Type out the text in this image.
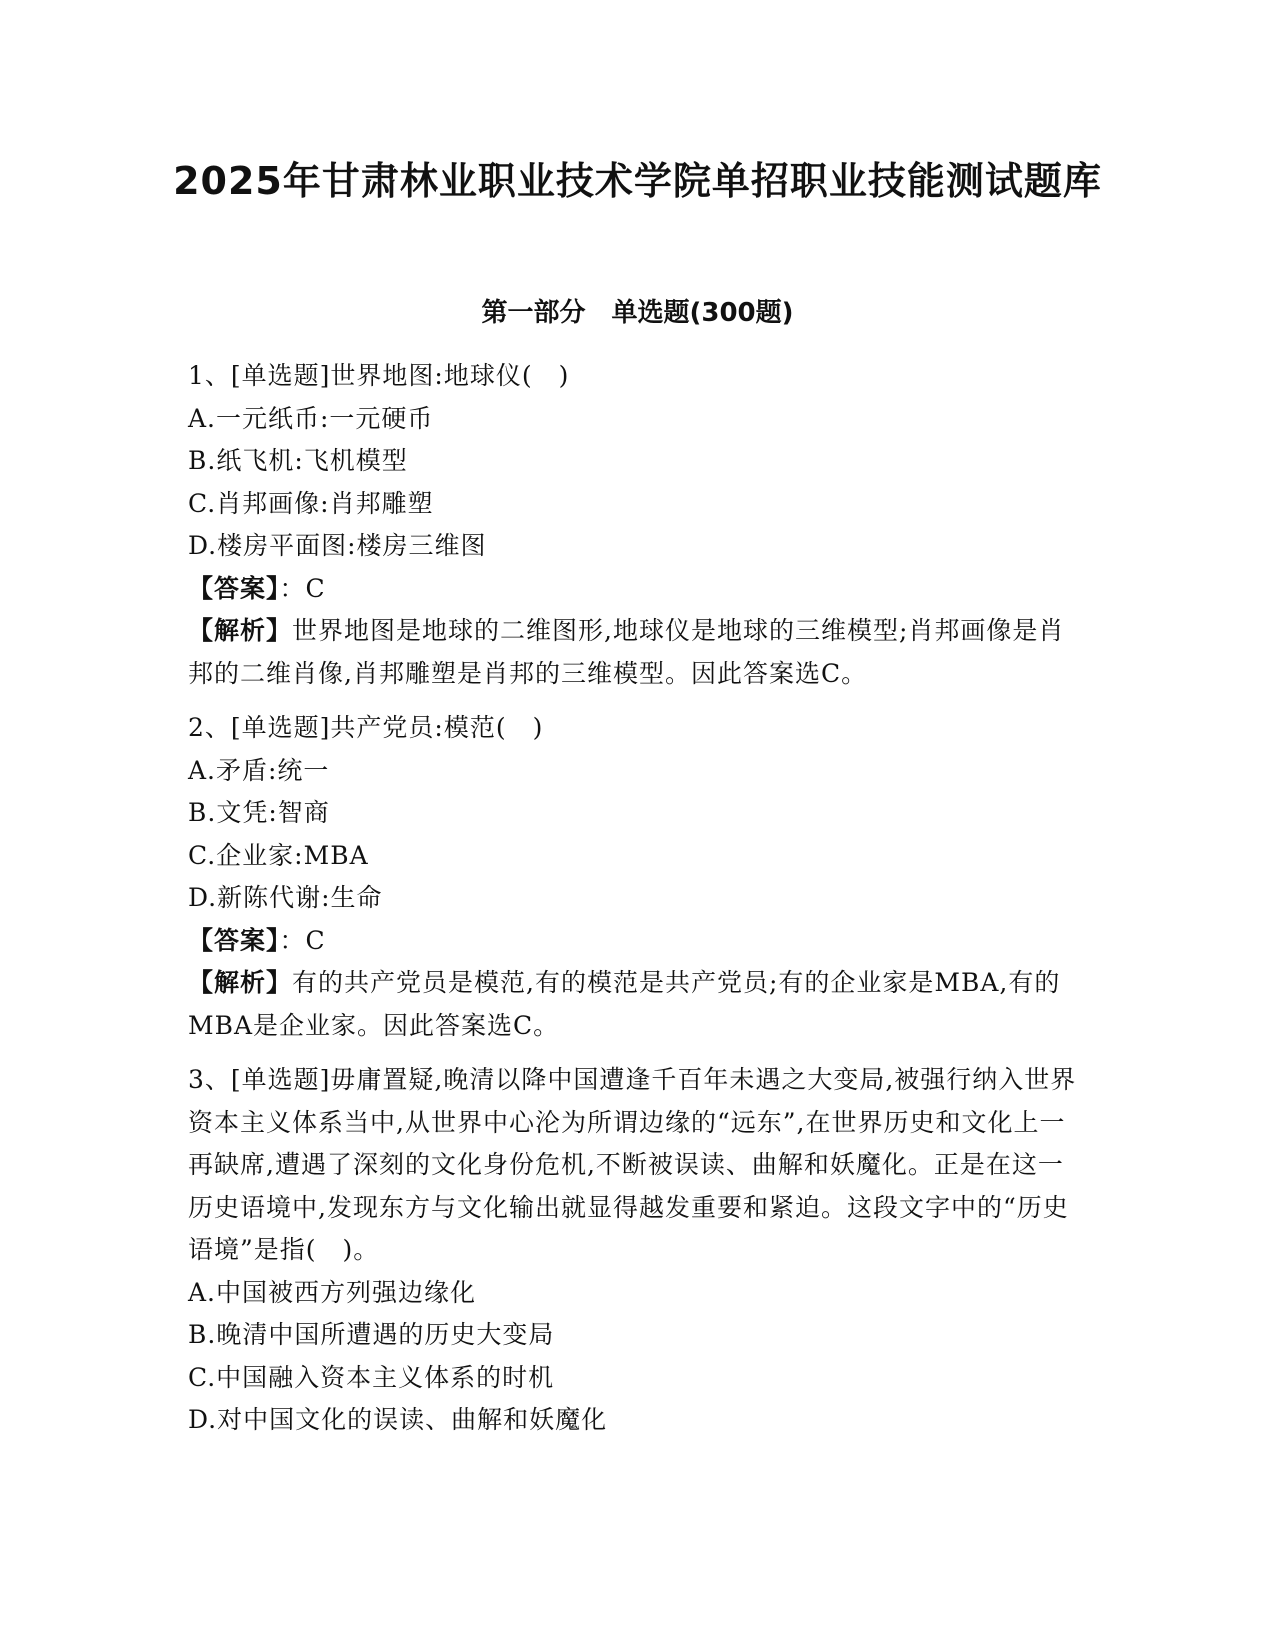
2025年甘肃林业职业技术学院单招职业技能测试题库
第一部分　单选题(300题)

1、[单选题]世界地图:地球仪(　)

A.一元纸币:一元硬币

B.纸飞机:飞机模型

C.肖邦画像:肖邦雕塑

D.楼房平面图:楼房三维图

【答案】：C

【解析】世界地图是地球的二维图形,地球仪是地球的三维模型;肖邦画像是肖邦的二维肖像,肖邦雕塑是肖邦的三维模型。因此答案选C。

2、[单选题]共产党员:模范(　)

A.矛盾:统一

B.文凭:智商

C.企业家:MBA

D.新陈代谢:生命

【答案】：C

【解析】有的共产党员是模范,有的模范是共产党员;有的企业家是MBA,有的MBA是企业家。因此答案选C。

3、[单选题]毋庸置疑,晚清以降中国遭逢千百年未遇之大变局,被强行纳入世界资本主义体系当中,从世界中心沦为所谓边缘的“远东”,在世界历史和文化上一再缺席,遭遇了深刻的文化身份危机,不断被误读、曲解和妖魔化。正是在这一历史语境中,发现东方与文化输出就显得越发重要和紧迫。这段文字中的“历史语境”是指(　)。

A.中国被西方列强边缘化

B.晚清中国所遭遇的历史大变局

C.中国融入资本主义体系的时机

D.对中国文化的误读、曲解和妖魔化
